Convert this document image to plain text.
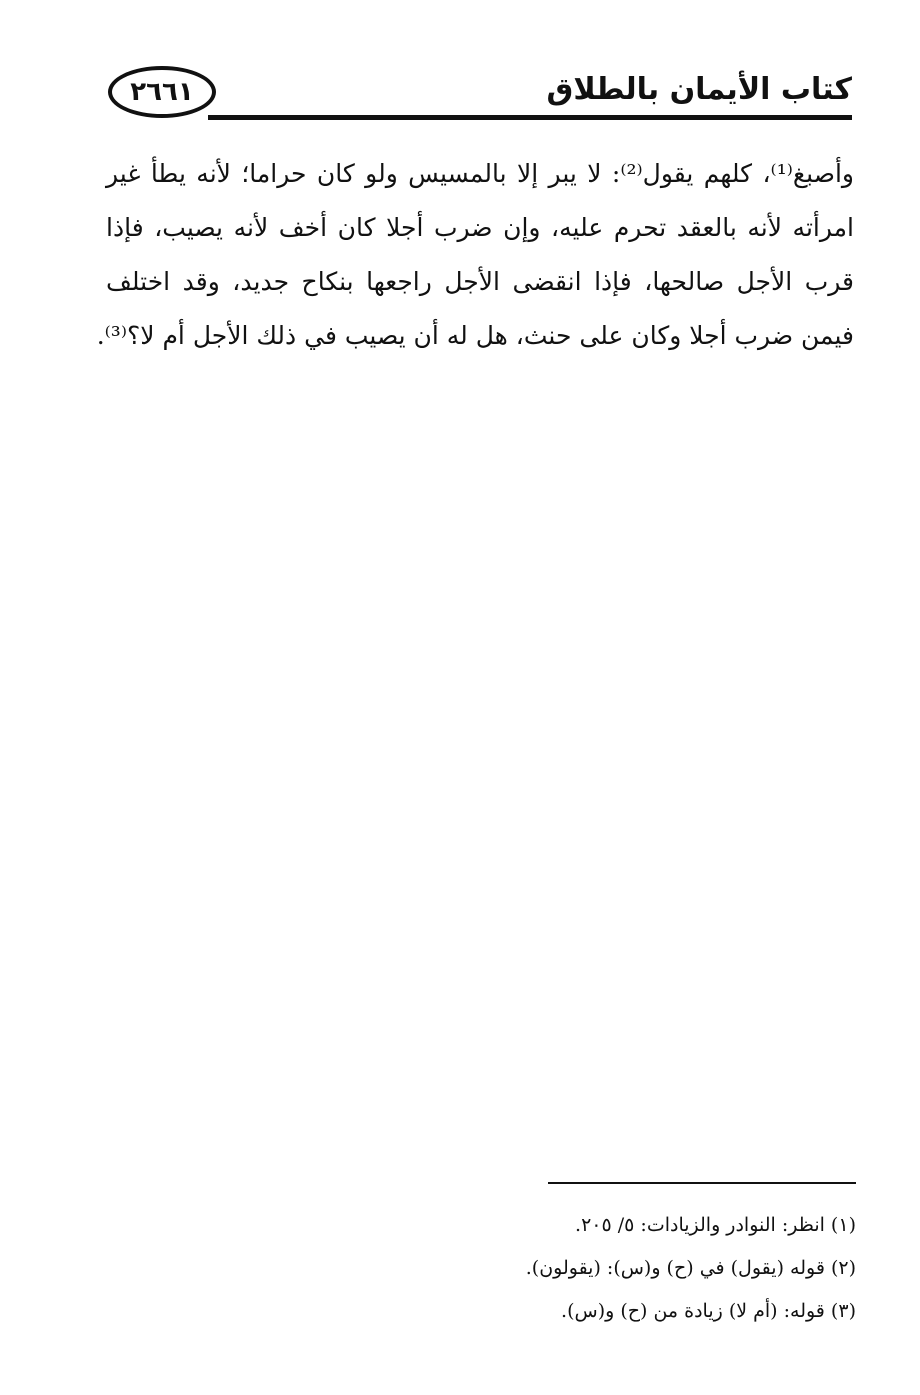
كتاب الأيمان بالطلاق
٢٦٦١
وأصبغ⁽¹⁾، كلهم يقول⁽²⁾: لا يبر إلا بالمسيس ولو كان حراما؛ لأنه يطأ غير
امرأته لأنه بالعقد تحرم عليه، وإن ضرب أجلا كان أخف لأنه يصيب، فإذا
قرب الأجل صالحها، فإذا انقضى الأجل راجعها بنكاح جديد، وقد اختلف
فيمن ضرب أجلا وكان على حنث، هل له أن يصيب في ذلك الأجل أم لا؟⁽³⁾.
(١) انظر: النوادر والزيادات: ٥/ ٢٠٥.
(٢) قوله (يقول) في (ح) و(س): (يقولون).
(٣) قوله: (أم لا) زيادة من (ح) و(س).
